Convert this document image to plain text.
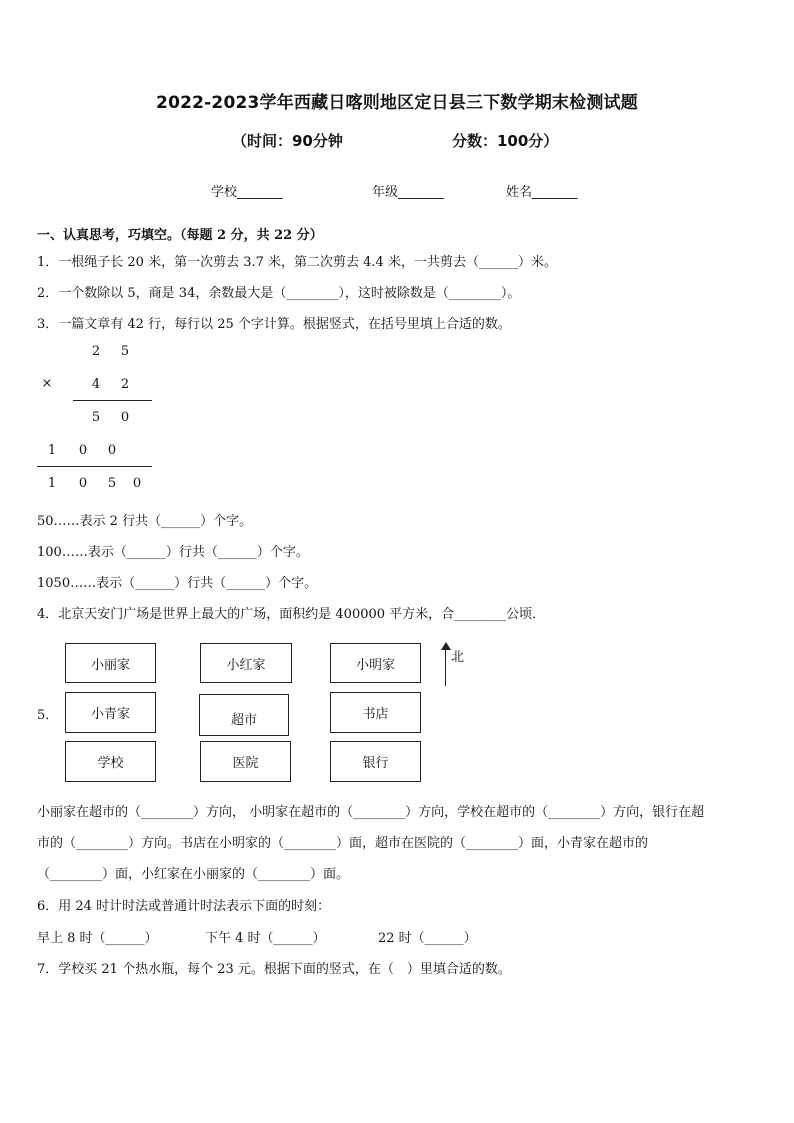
2022-2023学年西藏日喀则地区定日县三下数学期末检测试题
（时间：90分钟	分数：100分）
学校_______	年级_______	姓名_______
一、认真思考，巧填空。（每题 2 分，共 22 分）
1．一根绳子长 20 米，第一次剪去 3.7 米，第二次剪去 4.4 米，一共剪去（______）米。
2．一个数除以 5，商是 34，余数最大是（________），这时被除数是（________）。
3．一篇文章有 42 行，每行以 25 个字计算。根据竖式，在括号里填上合适的数。
2 5
×	4 2
5 0
1 0 0
1 0 5 0
50……表示 2 行共（______）个字。
100……表示（______）行共（______）个字。
1050……表示（______）行共（______）个字。
4．北京天安门广场是世界上最大的广场，面积约是 400000 平方米，合________公顷．
5．
小丽家	小红家	小明家
小青家	超市	书店
学校	医院	银行
北
小丽家在超市的（________）方向， 小明家在超市的（________）方向，学校在超市的（________）方向，银行在超
市的（________）方向。书店在小明家的（________）面，超市在医院的（________）面，小青家在超市的
（________）面，小红家在小丽家的（________）面。
6．用 24 时计时法或普通计时法表示下面的时刻：
早上 8 时（______）	下午 4 时（______）	22 时（______）
7．学校买 21 个热水瓶，每个 23 元。根据下面的竖式，在（　）里填合适的数。
